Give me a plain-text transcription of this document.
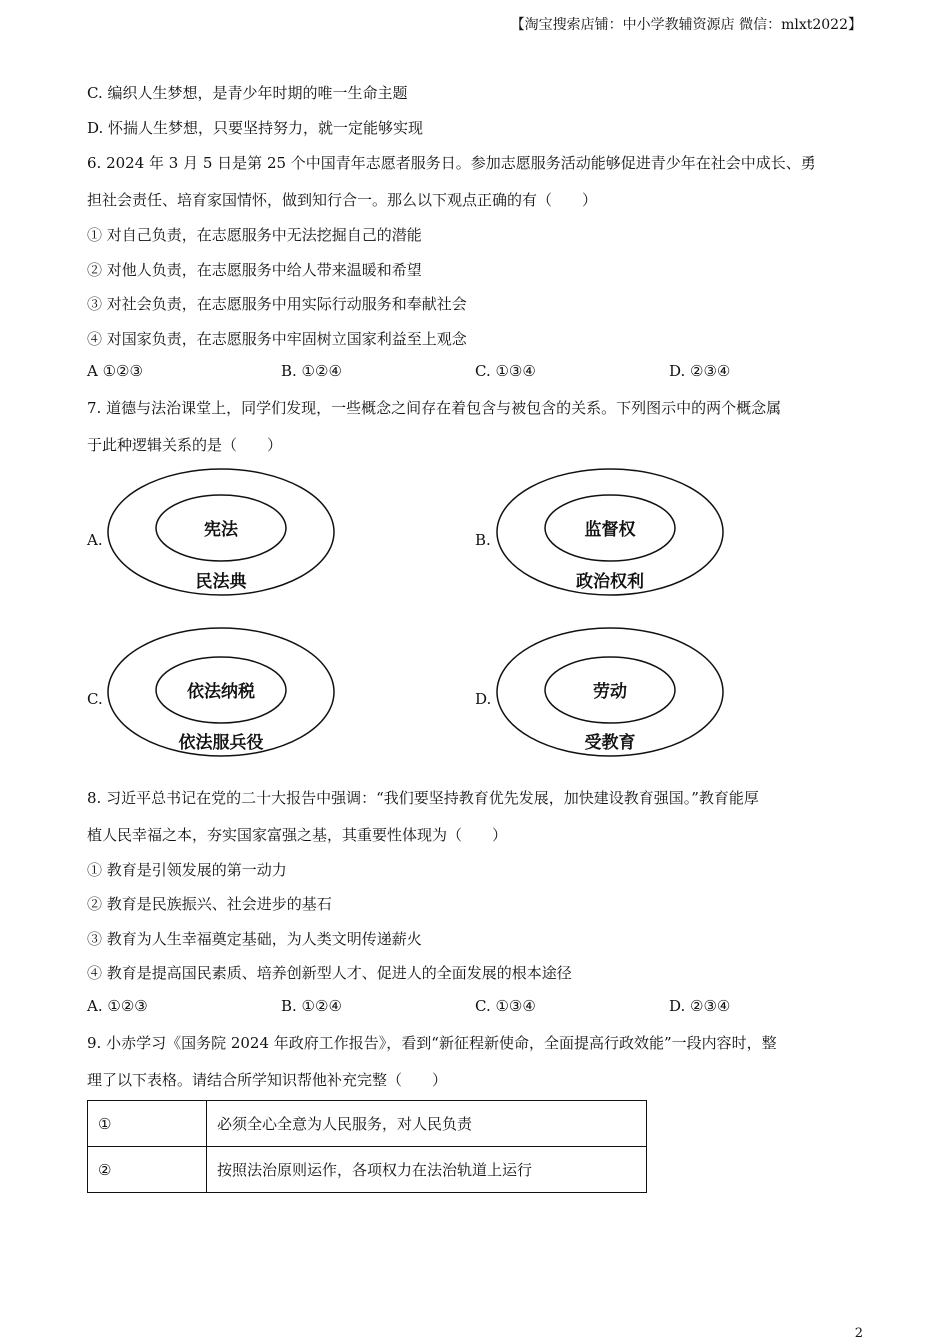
【淘宝搜索店铺：中小学教辅资源店 微信：mlxt2022】
C. 编织人生梦想，是青少年时期的唯一生命主题
D. 怀揣人生梦想，只要坚持努力，就一定能够实现
6. 2024 年 3 月 5 日是第 25 个中国青年志愿者服务日。参加志愿服务活动能够促进青少年在社会中成长、勇
担社会责任、培育家国情怀，做到知行合一。那么以下观点正确的有（　　）
① 对自己负责，在志愿服务中无法挖掘自己的潜能
② 对他人负责，在志愿服务中给人带来温暖和希望
③ 对社会负责，在志愿服务中用实际行动服务和奉献社会
④ 对国家负责，在志愿服务中牢固树立国家利益至上观念
A ①②③	B. ①②④	C. ①③④	D. ②③④
7. 道德与法治课堂上，同学们发现，一些概念之间存在着包含与被包含的关系。下列图示中的两个概念属
于此种逻辑关系的是（　　）
A.	宪法
民法典
B.	监督权
政治权利
C.	依法纳税
依法服兵役
D.	劳动
受教育
8. 习近平总书记在党的二十大报告中强调：“我们要坚持教育优先发展，加快建设教育强国。”教育能厚
植人民幸福之本，夯实国家富强之基，其重要性体现为（　　）
① 教育是引领发展的第一动力
② 教育是民族振兴、社会进步的基石
③ 教育为人生幸福奠定基础，为人类文明传递薪火
④ 教育是提高国民素质、培养创新型人才、促进人的全面发展的根本途径
A. ①②③	B. ①②④	C. ①③④	D. ②③④
9. 小赤学习《国务院 2024 年政府工作报告》，看到“新征程新使命，全面提高行政效能”一段内容时，整
理了以下表格。请结合所学知识帮他补充完整（　　）
①	必须全心全意为人民服务，对人民负责
②	按照法治原则运作，各项权力在法治轨道上运行
2
